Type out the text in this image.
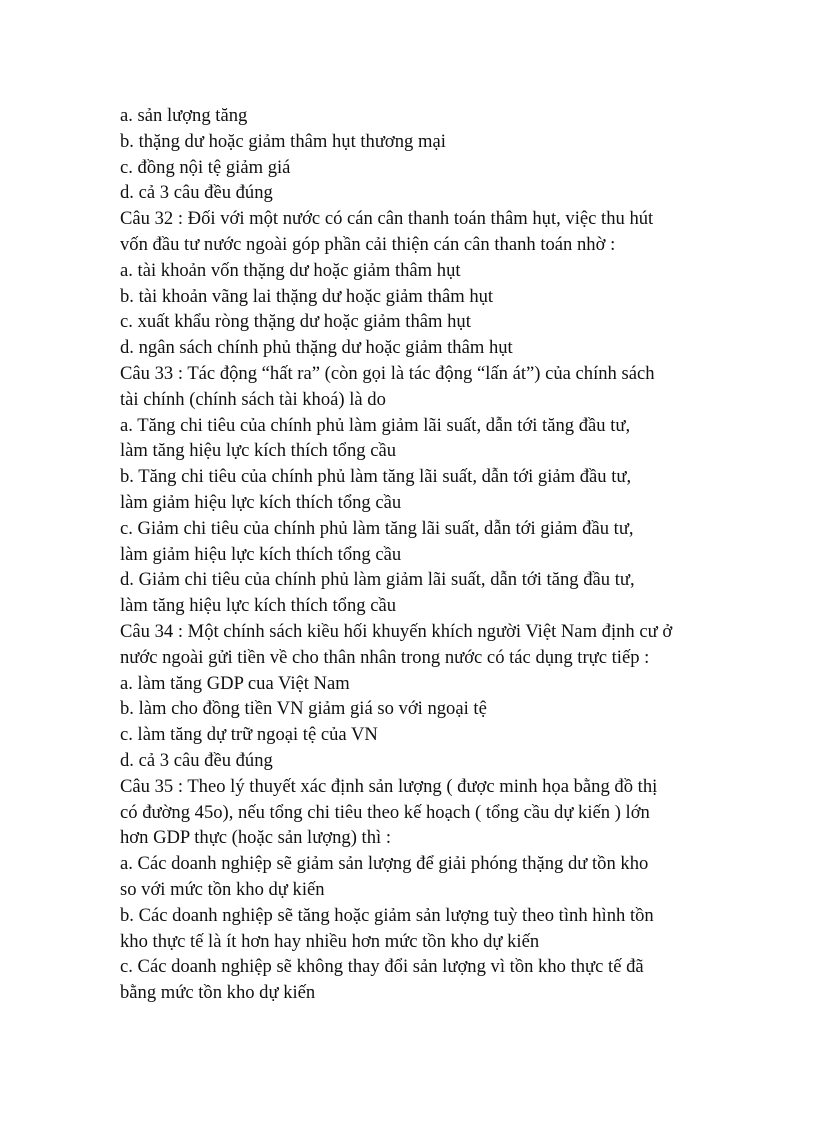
a. sản lượng tăng

b. thặng dư hoặc giảm thâm hụt thương mại

c. đồng nội tệ giảm giá

d. cả 3 câu đều đúng

Câu 32 : Đối với một nước có cán cân thanh toán thâm hụt, việc thu hút

vốn đầu tư nước ngoài góp phần cải thiện cán cân thanh toán nhờ :

a. tài khoản vốn thặng dư hoặc giảm thâm hụt

b. tài khoản vãng lai thặng dư hoặc giảm thâm hụt

c. xuất khẩu ròng thặng dư hoặc giảm thâm hụt

d. ngân sách chính phủ thặng dư hoặc giảm thâm hụt

Câu 33 : Tác động “hất ra” (còn gọi là tác động “lấn át”) của chính sách

tài chính (chính sách tài khoá) là do

a. Tăng chi tiêu của chính phủ làm giảm lãi suất, dẫn tới tăng đầu tư,

làm tăng hiệu lực kích thích tổng cầu

b. Tăng chi tiêu của chính phủ làm tăng lãi suất, dẫn tới giảm đầu tư,

làm giảm hiệu lực kích thích tổng cầu

c. Giảm chi tiêu của chính phủ làm tăng lãi suất, dẫn tới giảm đầu tư,

làm giảm hiệu lực kích thích tổng cầu

d. Giảm chi tiêu của chính phủ làm giảm lãi suất, dẫn tới tăng đầu tư,

làm tăng hiệu lực kích thích tổng cầu

Câu 34 : Một chính sách kiều hối khuyến khích người Việt Nam định cư ở

nước ngoài gửi tiền về cho thân nhân trong nước có tác dụng trực tiếp :

a. làm tăng GDP cua Việt Nam

b. làm cho đồng tiền VN giảm giá so với ngoại tệ

c. làm tăng dự trữ ngoại tệ của VN

d. cả 3 câu đều đúng

Câu 35 : Theo lý thuyết xác định sản lượng ( được minh họa bằng đồ thị

có đường 45o), nếu tổng chi tiêu theo kế hoạch ( tổng cầu dự kiến ) lớn

hơn GDP thực (hoặc sản lượng) thì :

a. Các doanh nghiệp sẽ giảm sản lượng để giải phóng thặng dư tồn kho

so với mức tồn kho dự kiến

b. Các doanh nghiệp sẽ tăng hoặc giảm sản lượng tuỳ theo tình hình tồn

kho thực tế là ít hơn hay nhiều hơn mức tồn kho dự kiến

c. Các doanh nghiệp sẽ không thay đổi sản lượng vì tồn kho thực tế đã

bằng mức tồn kho dự kiến
